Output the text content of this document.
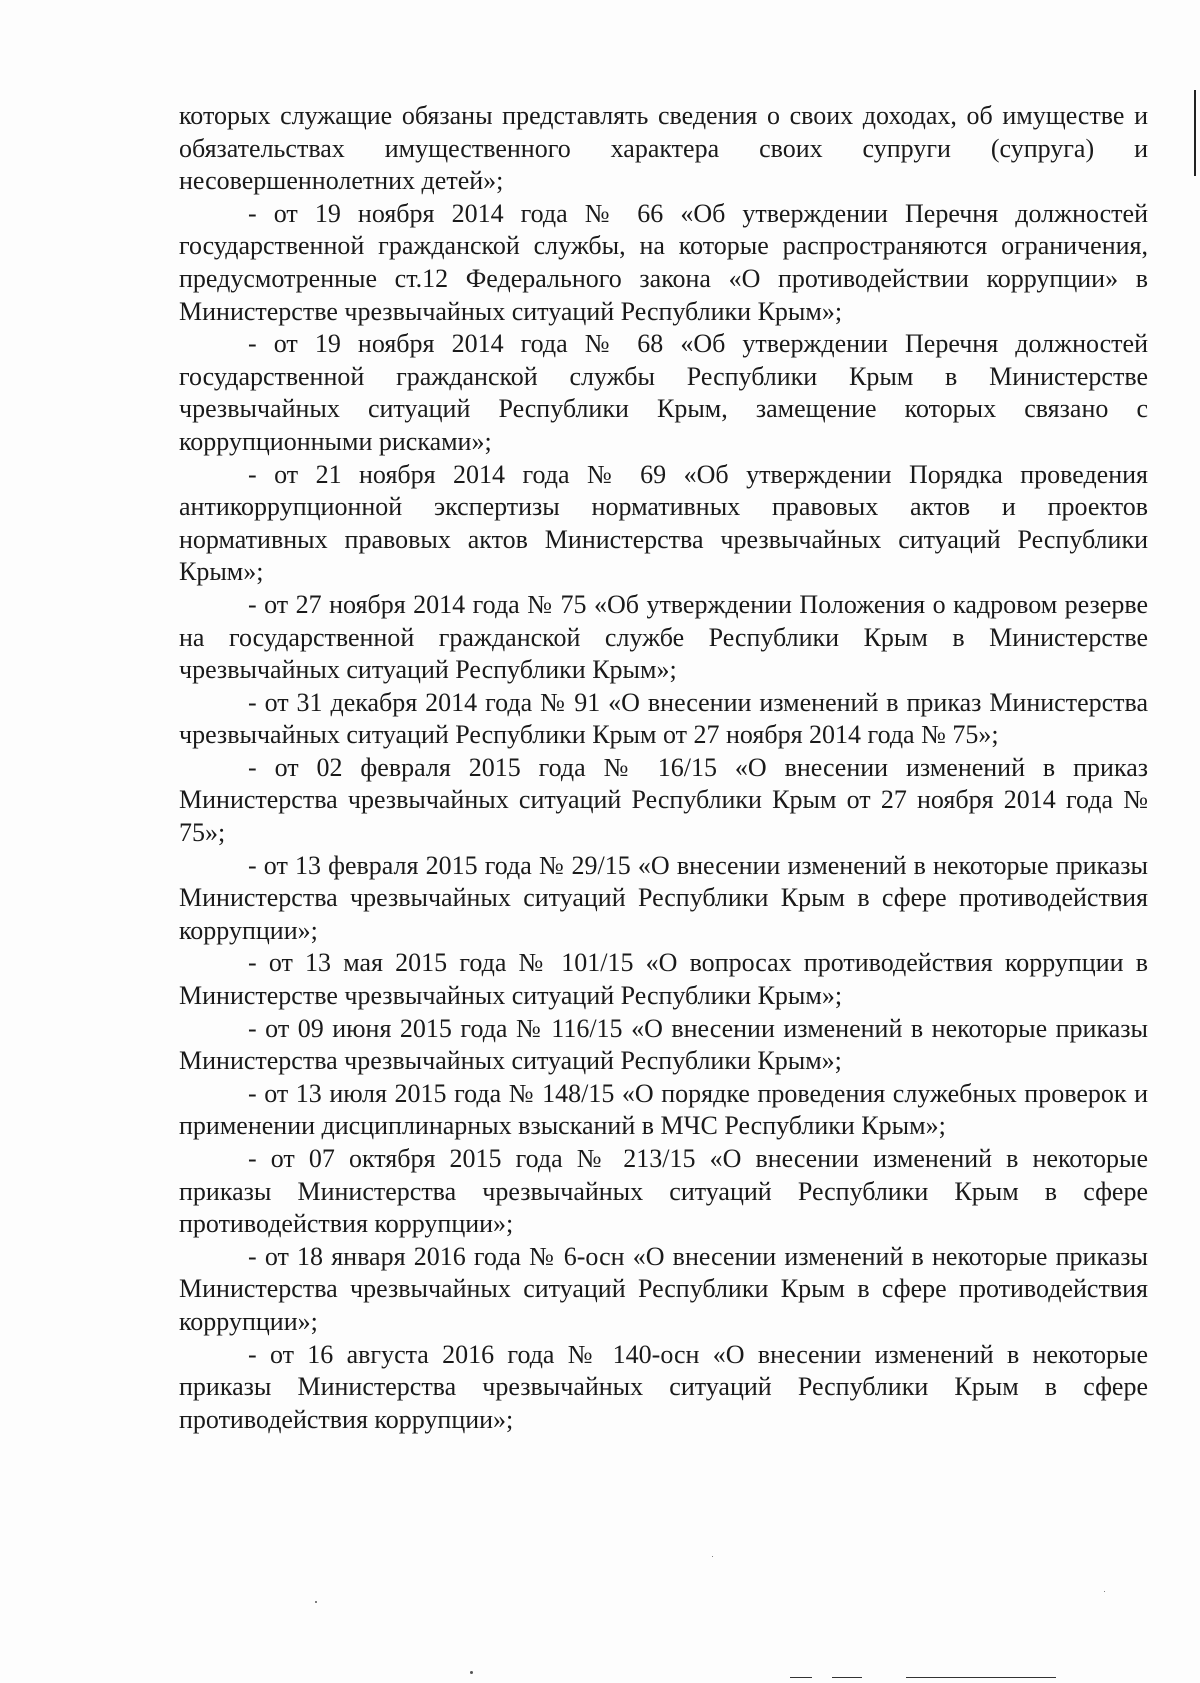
которых служащие обязаны представлять сведения о своих доходах, об имуществе и обязательствах имущественного характера своих супруги (супруга) и несовершеннолетних детей»;

- от 19 ноября 2014 года № 66 «Об утверждении Перечня должностей государственной гражданской службы, на которые распространяются ограничения, предусмотренные ст.12 Федерального закона «О противодействии коррупции» в Министерстве чрезвычайных ситуаций Республики Крым»;

- от 19 ноября 2014 года № 68 «Об утверждении Перечня должностей государственной гражданской службы Республики Крым в Министерстве чрезвычайных ситуаций Республики Крым, замещение которых связано с коррупционными рисками»;

- от 21 ноября 2014 года № 69 «Об утверждении Порядка проведения антикоррупционной экспертизы нормативных правовых актов и проектов нормативных правовых актов Министерства чрезвычайных ситуаций Республики Крым»;

- от 27 ноября 2014 года № 75 «Об утверждении Положения о кадровом резерве на государственной гражданской службе Республики Крым в Министерстве чрезвычайных ситуаций Республики Крым»;

- от 31 декабря 2014 года № 91 «О внесении изменений в приказ Министерства чрезвычайных ситуаций Республики Крым от 27 ноября 2014 года № 75»;

- от 02 февраля 2015 года № 16/15 «О внесении изменений в приказ Министерства чрезвычайных ситуаций Республики Крым от 27 ноября 2014 года № 75»;

- от 13 февраля 2015 года № 29/15 «О внесении изменений в некоторые приказы Министерства чрезвычайных ситуаций Республики Крым в сфере противодействия коррупции»;

- от 13 мая 2015 года № 101/15 «О вопросах противодействия коррупции в Министерстве чрезвычайных ситуаций Республики Крым»;

- от 09 июня 2015 года № 116/15 «О внесении изменений в некоторые приказы Министерства чрезвычайных ситуаций Республики Крым»;

- от 13 июля 2015 года № 148/15 «О порядке проведения служебных проверок и применении дисциплинарных взысканий в МЧС Республики Крым»;

- от 07 октября 2015 года № 213/15 «О внесении изменений в некоторые приказы Министерства чрезвычайных ситуаций Республики Крым в сфере противодействия коррупции»;

- от 18 января 2016 года № 6-осн «О внесении изменений в некоторые приказы Министерства чрезвычайных ситуаций Республики Крым в сфере противодействия коррупции»;

- от 16 августа 2016 года № 140-осн «О внесении изменений в некоторые приказы Министерства чрезвычайных ситуаций Республики Крым в сфере противодействия коррупции»;
